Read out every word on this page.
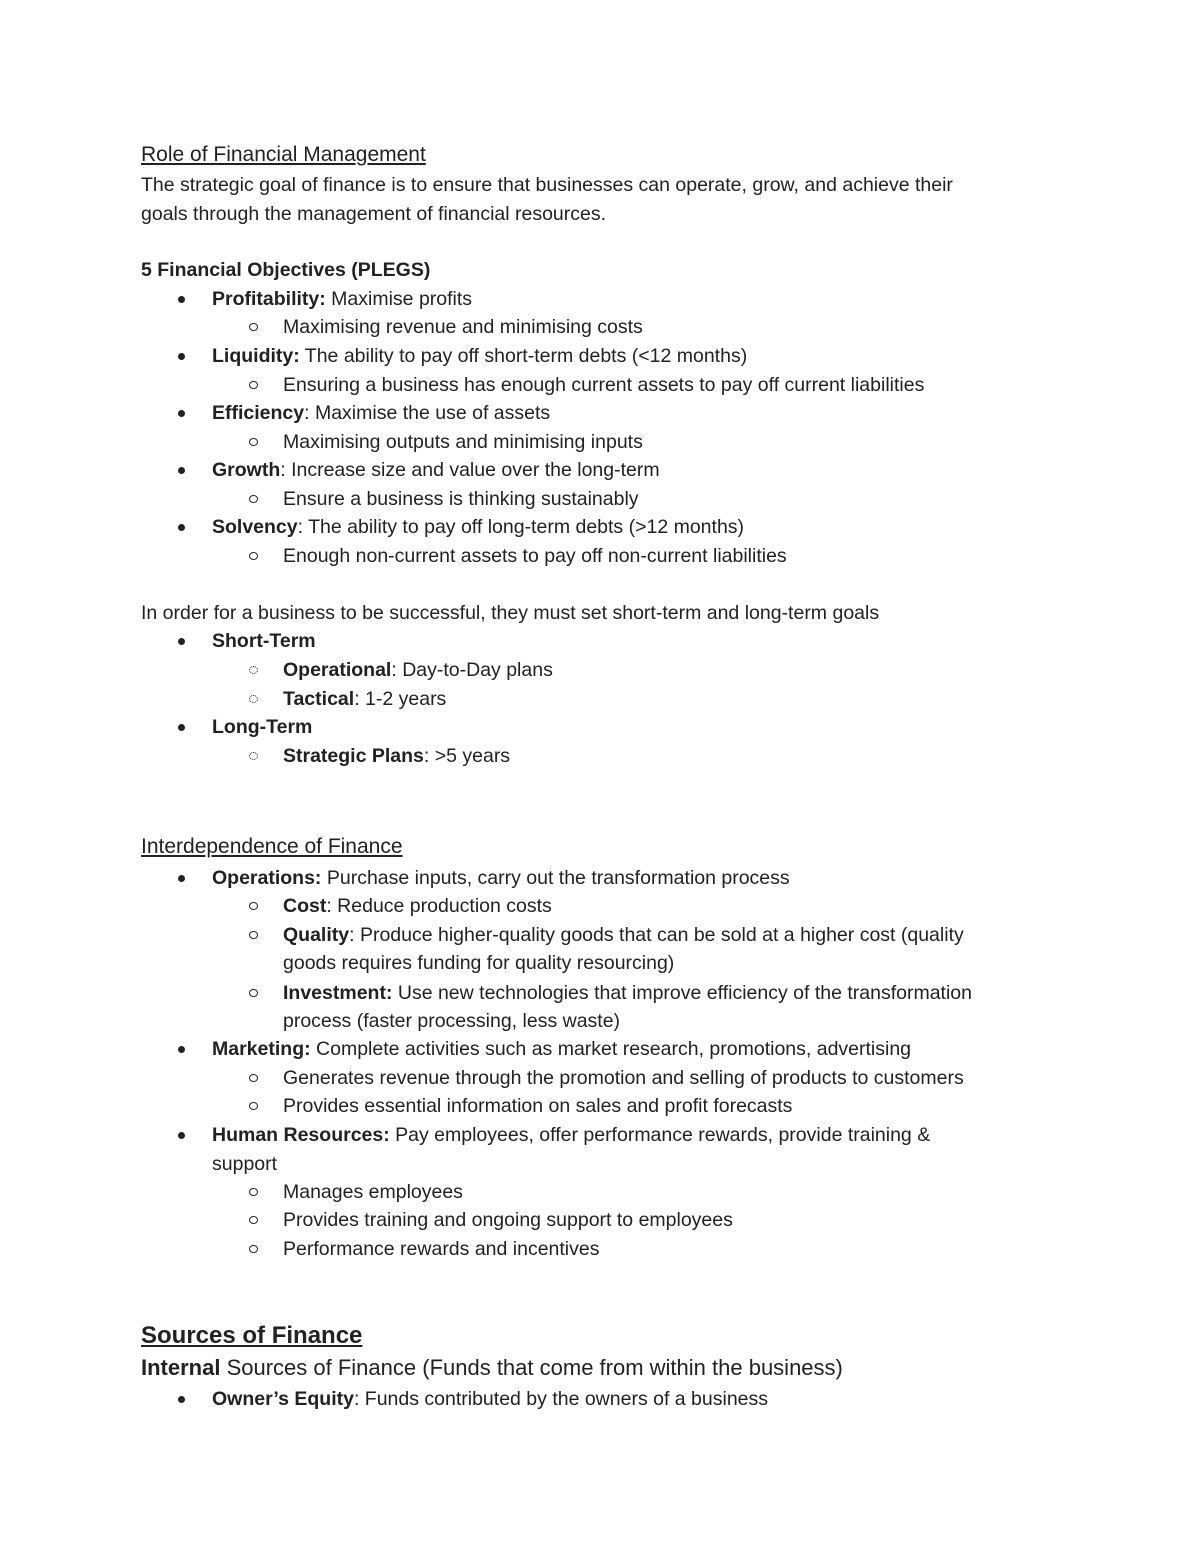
Role of Financial Management
The strategic goal of finance is to ensure that businesses can operate, grow, and achieve their
goals through the management of financial resources.
5 Financial Objectives (PLEGS)
Profitability: Maximise profits
Maximising revenue and minimising costs
Liquidity: The ability to pay off short-term debts (<12 months)
Ensuring a business has enough current assets to pay off current liabilities
Efficiency: Maximise the use of assets
Maximising outputs and minimising inputs
Growth: Increase size and value over the long-term
Ensure a business is thinking sustainably
Solvency: The ability to pay off long-term debts (>12 months)
Enough non-current assets to pay off non-current liabilities
In order for a business to be successful, they must set short-term and long-term goals
Short-Term
Operational: Day-to-Day plans
Tactical: 1-2 years
Long-Term
Strategic Plans: >5 years
Interdependence of Finance
Operations: Purchase inputs, carry out the transformation process
Cost: Reduce production costs
Quality: Produce higher-quality goods that can be sold at a higher cost (quality
goods requires funding for quality resourcing)
Investment: Use new technologies that improve efficiency of the transformation
process (faster processing, less waste)
Marketing: Complete activities such as market research, promotions, advertising
Generates revenue through the promotion and selling of products to customers
Provides essential information on sales and profit forecasts
Human Resources: Pay employees, offer performance rewards, provide training &
support
Manages employees
Provides training and ongoing support to employees
Performance rewards and incentives
Sources of Finance
Internal Sources of Finance (Funds that come from within the business)
Owner’s Equity: Funds contributed by the owners of a business
